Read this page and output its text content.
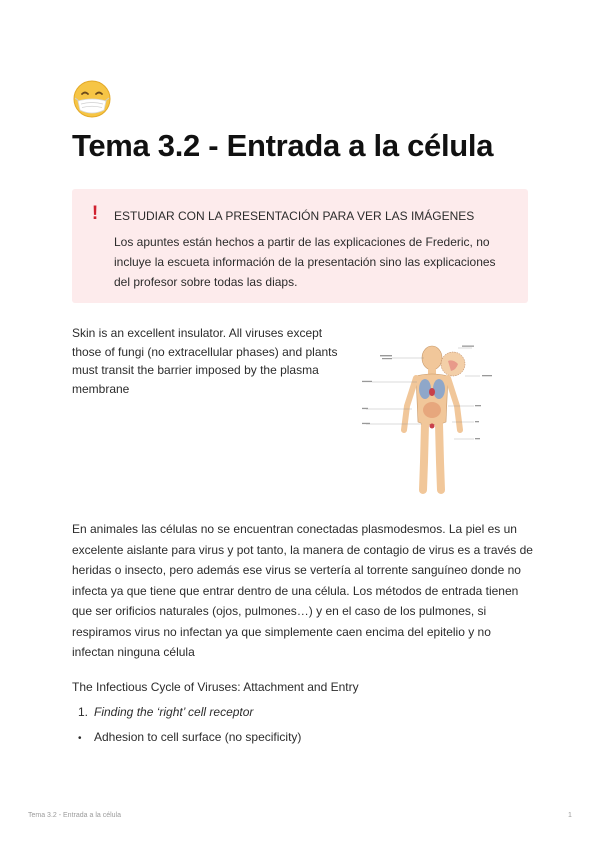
Tema 3.2 - Entrada a la célula
! ESTUDIAR CON LA PRESENTACIÓN PARA VER LAS IMÁGENES
Los apuntes están hechos a partir de las explicaciones de Frederic, no incluye la escueta información de la presentación sino las explicaciones del profesor sobre todas las diaps.

Skin is an excellent insulator. All viruses except those of fungi (no extracellular phases) and plants must transit the barrier imposed by the plasma membrane

En animales las células no se encuentran conectadas plasmodesmos. La piel es un excelente aislante para virus y pot tanto, la manera de contagio de virus es a través de heridas o insecto, pero además ese virus se vertería al torrente sanguíneo donde no infecta ya que tiene que entrar dentro de una célula. Los métodos de entrada tienen que ser orificios naturales (ojos, pulmones…) y en el caso de los pulmones, si respiramos virus no infectan ya que simplemente caen encima del epitelio y no infectan ninguna célula

The Infectious Cycle of Viruses: Attachment and Entry
1. Finding the ‘right’ cell receptor
• Adhesion to cell surface (no specificity)
Tema 3.2 - Entrada a la célula	1
